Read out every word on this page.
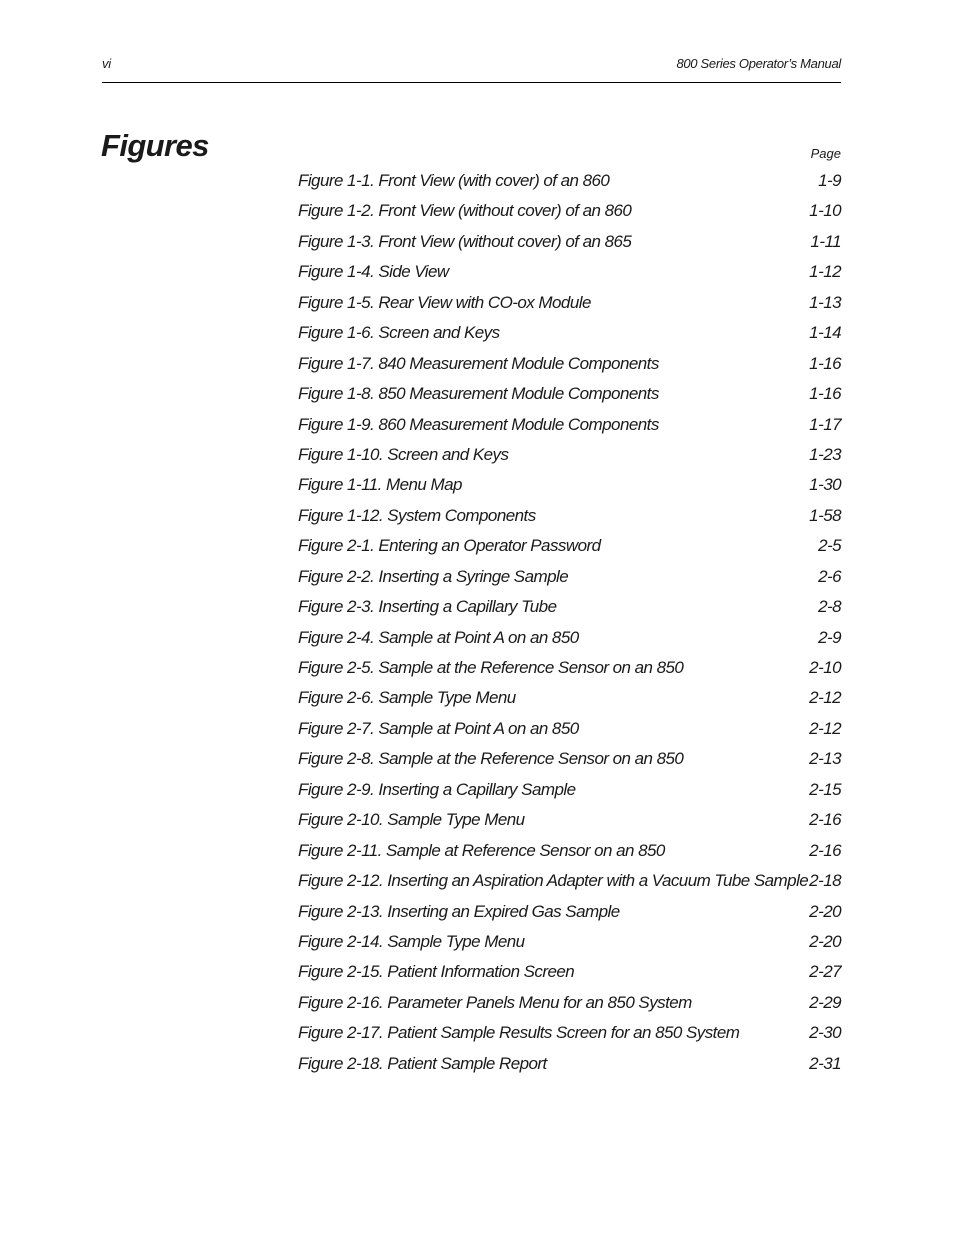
vi	800 Series Operator’s Manual
Figures	Page
Figure 1-1. Front View (with cover) of an 860	1-9
Figure 1-2. Front View (without cover) of an 860	1-10
Figure 1-3. Front View (without cover) of an 865	1-11
Figure 1-4. Side View	1-12
Figure 1-5. Rear View with CO-ox Module	1-13
Figure 1-6. Screen and Keys	1-14
Figure 1-7. 840 Measurement Module Components	1-16
Figure 1-8. 850 Measurement Module Components	1-16
Figure 1-9. 860 Measurement Module Components	1-17
Figure 1-10. Screen and Keys	1-23
Figure 1-11. Menu Map	1-30
Figure 1-12. System Components	1-58
Figure 2-1. Entering an Operator Password	2-5
Figure 2-2. Inserting a Syringe Sample	2-6
Figure 2-3. Inserting a Capillary Tube	2-8
Figure 2-4. Sample at Point A on an 850	2-9
Figure 2-5. Sample at the Reference Sensor on an 850	2-10
Figure 2-6. Sample Type Menu	2-12
Figure 2-7. Sample at Point A on an 850	2-12
Figure 2-8. Sample at the Reference Sensor on an 850	2-13
Figure 2-9. Inserting a Capillary Sample	2-15
Figure 2-10. Sample Type Menu	2-16
Figure 2-11. Sample at Reference Sensor on an 850	2-16
Figure 2-12. Inserting an Aspiration Adapter with a Vacuum Tube Sample 2-18
Figure 2-13. Inserting an Expired Gas Sample	2-20
Figure 2-14. Sample Type Menu	2-20
Figure 2-15. Patient Information Screen	2-27
Figure 2-16. Parameter Panels Menu for an 850 System	2-29
Figure 2-17. Patient Sample Results Screen for an 850 System	2-30
Figure 2-18. Patient Sample Report	2-31
